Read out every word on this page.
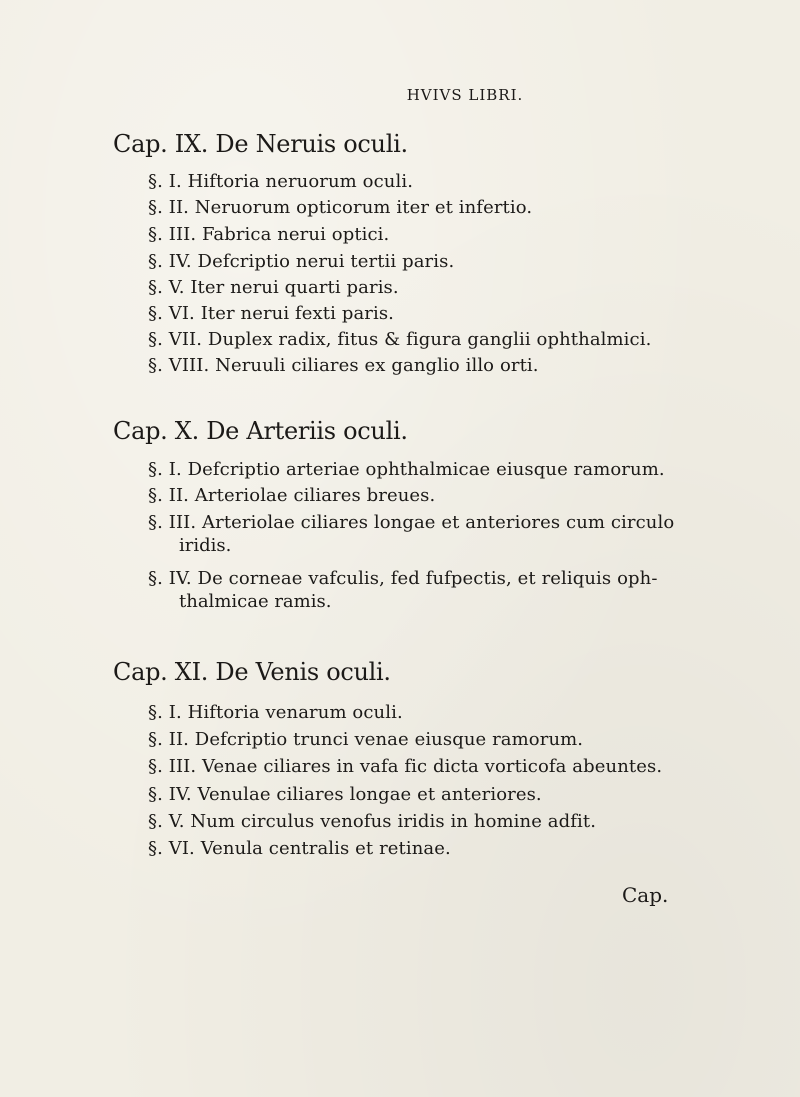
HVIVS LIBRI.
Cap. IX. De Neruis oculi.
§. I. Hiftoria neruorum oculi.
§. II. Neruorum opticorum iter et infertio.
§. III. Fabrica nerui optici.
§. IV. Defcriptio nerui tertii paris.
§. V. Iter nerui quarti paris.
§. VI. Iter nerui fexti paris.
§. VII. Duplex radix, fitus & figura ganglii ophthalmici.
§. VIII. Neruuli ciliares ex ganglio illo orti.
Cap. X. De Arteriis oculi.
§. I. Defcriptio arteriae ophthalmicae eiusque ramorum.
§. II. Arteriolae ciliares breues.
§. III. Arteriolae ciliares longae et anteriores cum circulo
iridis.
§. IV. De corneae vafculis, fed fufpectis, et reliquis oph-
thalmicae ramis.
Cap. XI. De Venis oculi.
§. I. Hiftoria venarum oculi.
§. II. Defcriptio trunci venae eiusque ramorum.
§. III. Venae ciliares in vafa fic dicta vorticofa abeuntes.
§. IV. Venulae ciliares longae et anteriores.
§. V. Num circulus venofus iridis in homine adfit.
§. VI. Venula centralis et retinae.
Cap.
